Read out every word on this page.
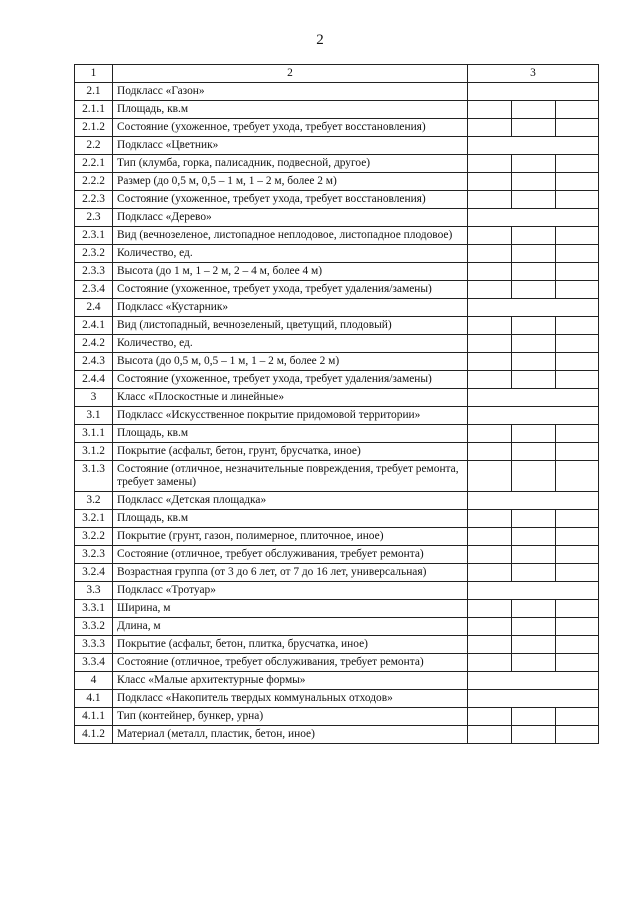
2
1	2	3		
2.1	Подкласс «Газон»			
2.1.1	Площадь, кв.м			
2.1.2	Состояние (ухоженное, требует ухода, требует восстановления)			
2.2	Подкласс «Цветник»			
2.2.1	Тип (клумба, горка, палисадник, подвесной, другое)			
2.2.2	Размер (до 0,5 м, 0,5 – 1 м, 1 – 2 м, более 2 м)			
2.2.3	Состояние (ухоженное, требует ухода, требует восстановления)			
2.3	Подкласс «Дерево»			
2.3.1	Вид (вечнозеленое, листопадное неплодовое, листопадное плодовое)			
2.3.2	Количество, ед.			
2.3.3	Высота (до 1 м, 1 – 2 м, 2 – 4 м, более 4 м)			
2.3.4	Состояние (ухоженное, требует ухода, требует удаления/замены)			
2.4	Подкласс «Кустарник»			
2.4.1	Вид (листопадный, вечнозеленый, цветущий, плодовый)			
2.4.2	Количество, ед.			
2.4.3	Высота (до 0,5 м, 0,5 – 1 м, 1 – 2 м, более 2 м)			
2.4.4	Состояние (ухоженное, требует ухода, требует удаления/замены)			
3	Класс «Плоскостные и линейные»			
3.1	Подкласс «Искусственное покрытие придомовой территории»			
3.1.1	Площадь, кв.м			
3.1.2	Покрытие (асфальт, бетон, грунт, брусчатка, иное)			
3.1.3	Состояние (отличное, незначительные повреждения, требует ремонта, требует замены)			
3.2	Подкласс «Детская площадка»			
3.2.1	Площадь, кв.м			
3.2.2	Покрытие (грунт, газон, полимерное, плиточное, иное)			
3.2.3	Состояние (отличное, требует обслуживания, требует ремонта)			
3.2.4	Возрастная группа (от 3 до 6 лет, от 7 до 16 лет, универсальная)			
3.3	Подкласс «Тротуар»			
3.3.1	Ширина, м			
3.3.2	Длина, м			
3.3.3	Покрытие (асфальт, бетон, плитка, брусчатка, иное)			
3.3.4	Состояние (отличное, требует обслуживания, требует ремонта)			
4	Класс «Малые архитектурные формы»			
4.1	Подкласс «Накопитель твердых коммунальных отходов»			
4.1.1	Тип (контейнер, бункер, урна)			
4.1.2	Материал (металл, пластик, бетон, иное)			
